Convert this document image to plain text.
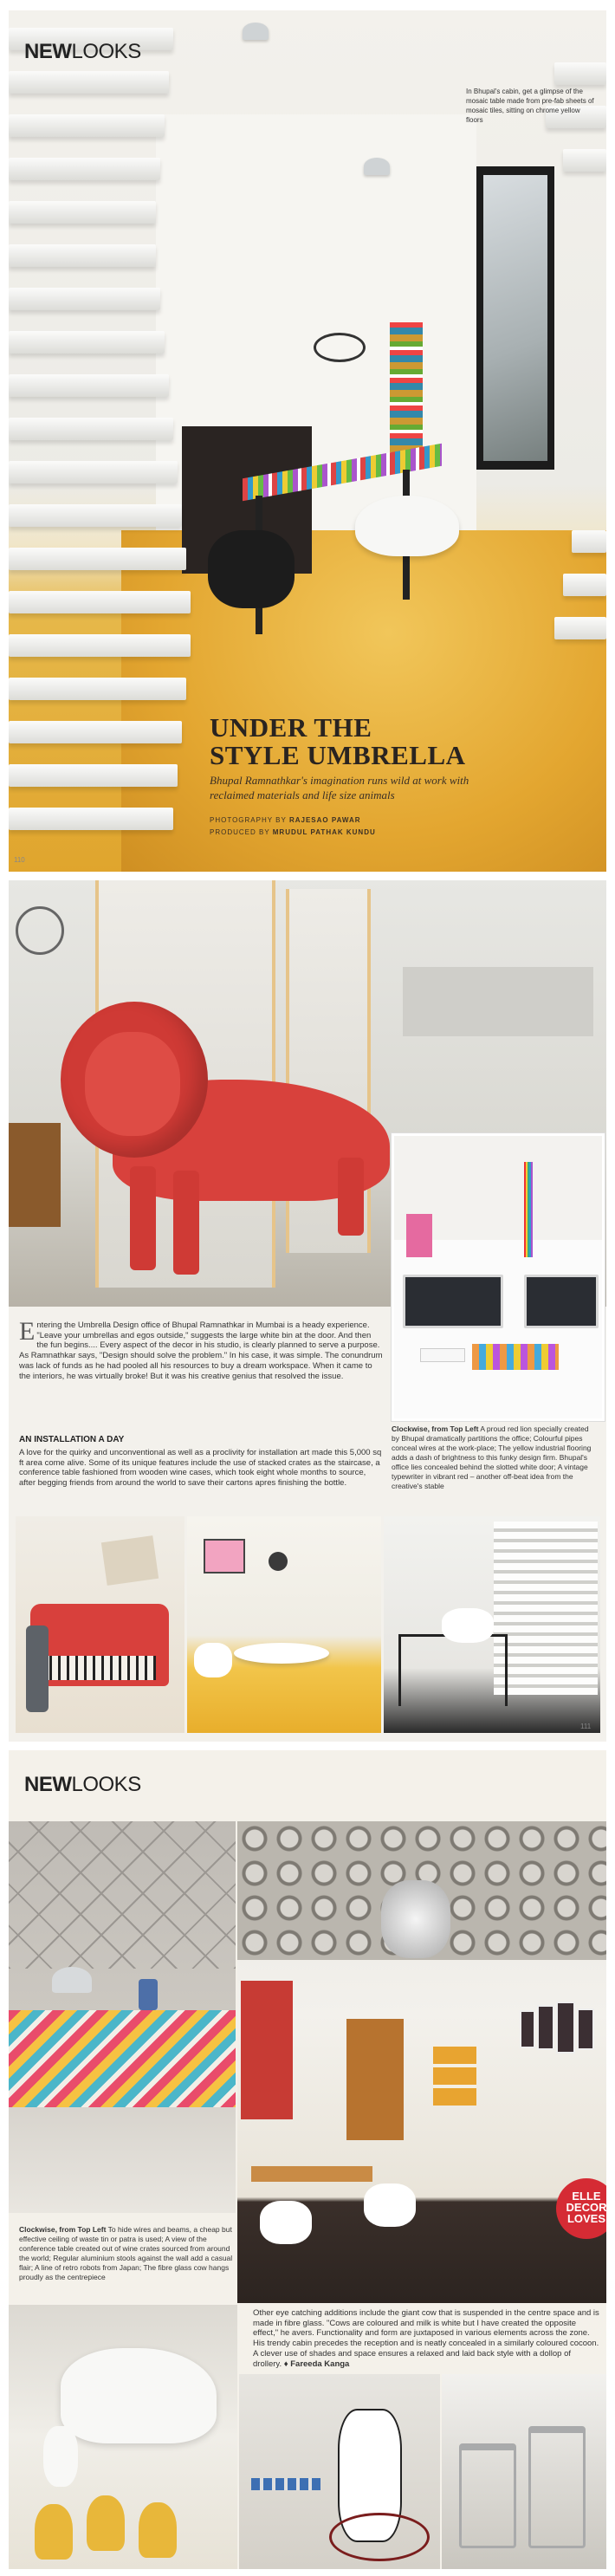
NEWLOOKS
In Bhupal's cabin, get a glimpse of the mosaic table made from pre-fab sheets of mosaic tiles, sitting on chrome yellow floors
UNDER THE
STYLE UMBRELLA
Bhupal Ramnathkar's imagination runs wild at work with reclaimed materials and life size animals
PHOTOGRAPHY BY RAJESAO PAWAR
PRODUCED BY MRUDUL PATHAK KUNDU
110
Entering the Umbrella Design office of Bhupal Ramnathkar in Mumbai is a heady experience. "Leave your umbrellas and egos outside," suggests the large white bin at the door. And then the fun begins.... Every aspect of the decor in his studio, is clearly planned to serve a purpose. As Ramnathkar says, "Design should solve the problem." In his case, it was simple. The conundrum was lack of funds as he had pooled all his resources to buy a dream workspace. When it came to the interiors, he was virtually broke! But it was his creative genius that resolved the issue.
AN INSTALLATION A DAY
A love for the quirky and unconventional as well as a proclivity for installation art made this 5,000 sq ft area come alive. Some of its unique features include the use of stacked crates as the staircase, a conference table fashioned from wooden wine cases, which took eight whole months to source, after begging friends from around the world to save their cartons apres finishing the bottle.
Clockwise, from Top Left A proud red lion specially created by Bhupal dramatically partitions the office; Colourful pipes conceal wires at the work-place; The yellow industrial flooring adds a dash of brightness to this funky design firm. Bhupal's office lies concealed behind the slotted white door; A vintage typewriter in vibrant red – another off-beat idea from the creative's stable
111
NEWLOOKS
ELLE
DECOR
LOVES
Clockwise, from Top Left To hide wires and beams, a cheap but effective ceiling of waste tin or patra is used; A view of the conference table created out of wine crates sourced from around the world; Regular aluminium stools against the wall add a casual flair; A line of retro robots from Japan; The fibre glass cow hangs proudly as the centrepiece
Other eye catching additions include the giant cow that is suspended in the centre space and is made in fibre glass. "Cows are coloured and milk is white but I have created the opposite effect," he avers. Functionality and form are juxtaposed in various elements across the zone. His trendy cabin precedes the reception and is neatly concealed in a similarly coloured cocoon. A clever use of shades and space ensures a relaxed and laid back style with a dollop of drollery. ♦ Fareeda Kanga
